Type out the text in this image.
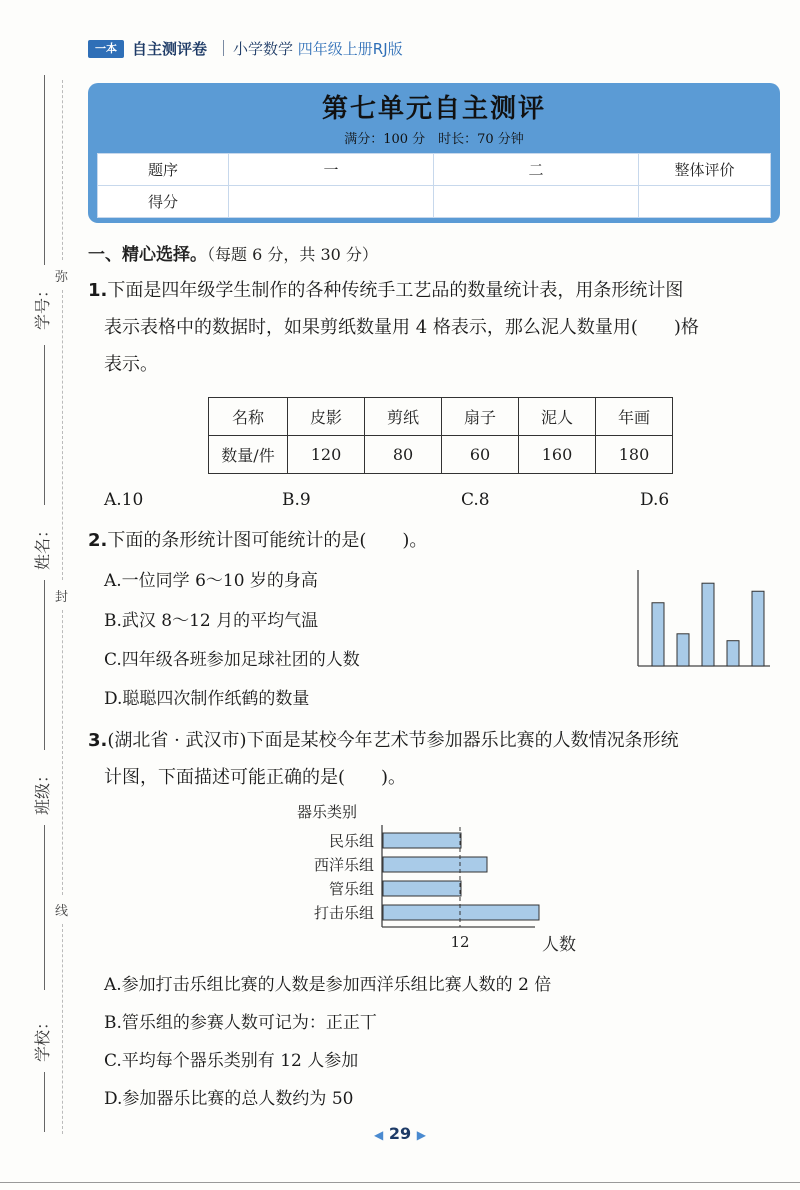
一本	自主测评卷 小学数学 四年级上册RJ版
学号：
姓名：
班级：
学校：
弥
封
线
第七单元自主测评
满分：100 分　时长：70 分钟
题序	一	二	整体评价
得分			
一、精心选择。（每题 6 分，共 30 分）
1.下面是四年级学生制作的各种传统手工艺品的数量统计表，用条形统计图
表示表格中的数据时，如果剪纸数量用 4 格表示，那么泥人数量用(　　)格
表示。
名称	皮影	剪纸	扇子	泥人	年画
数量/件	120	80	60	160	180
A.10	B.9	C.8	D.6
2.下面的条形统计图可能统计的是(　　)。
A.一位同学 6～10 岁的身高
B.武汉 8～12 月的平均气温
C.四年级各班参加足球社团的人数
D.聪聪四次制作纸鹤的数量
3.(湖北省 · 武汉市)下面是某校今年艺术节参加器乐比赛的人数情况条形统
计图，下面描述可能正确的是(　　)。
器乐类别
民乐组
西洋乐组
管乐组
打击乐组
12	人数
A.参加打击乐组比赛的人数是参加西洋乐组比赛人数的 2 倍
B.管乐组的参赛人数可记为：正正丅
C.平均每个器乐类别有 12 人参加
D.参加器乐比赛的总人数约为 50
◀ 29 ▶
